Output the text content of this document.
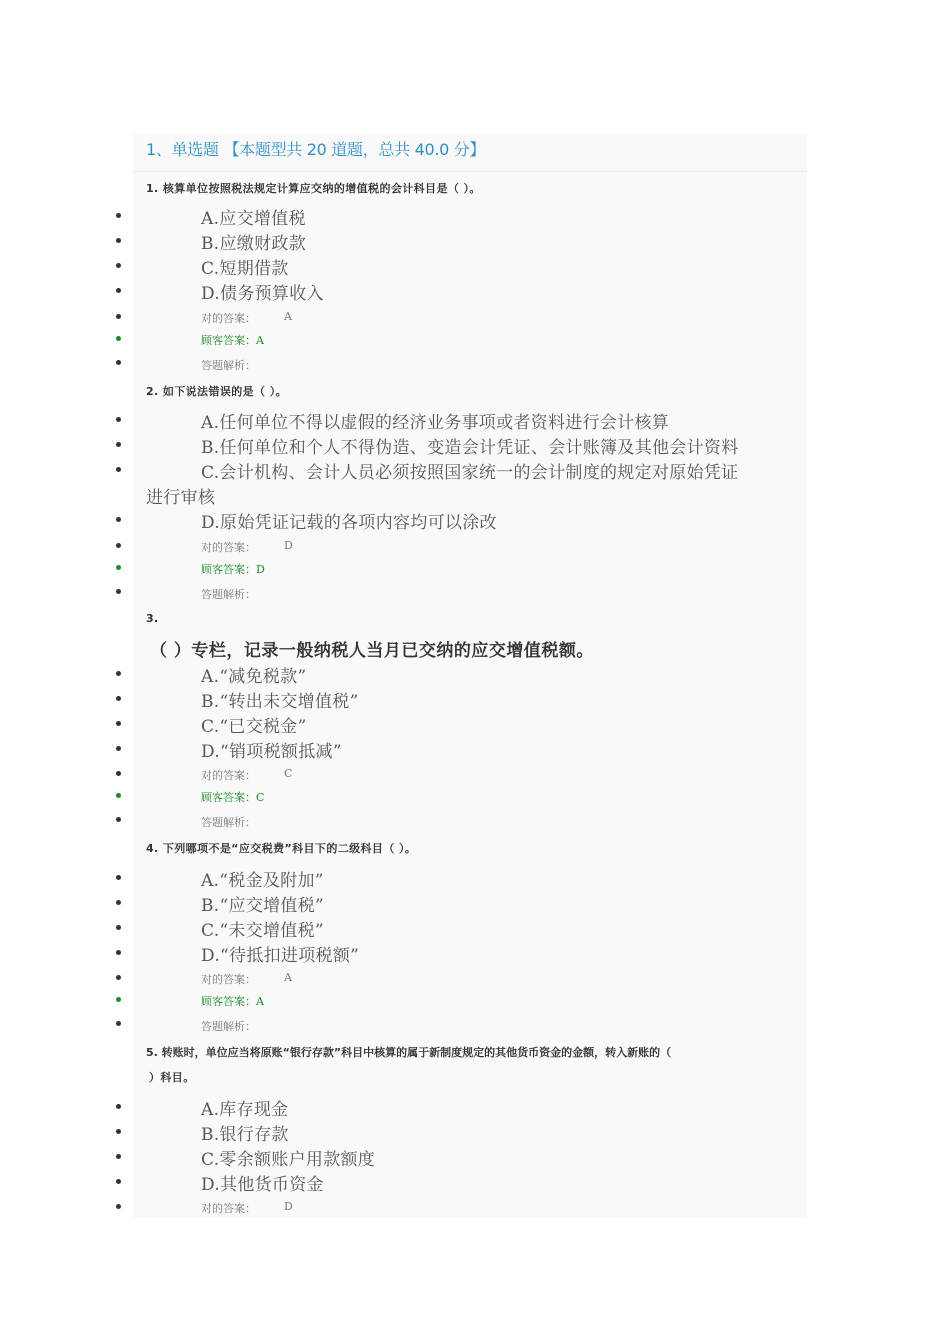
1、单选题 【本题型共 20 道题，总共 40.0 分】
1. 核算单位按照税法规定计算应交纳的增值税的会计科目是（ ）。
A.应交增值税
B.应缴财政款
C.短期借款
D.债务预算收入
对的答案：	A
顾客答案：A
答题解析：
2. 如下说法错误的是（ ）。
A.任何单位不得以虚假的经济业务事项或者资料进行会计核算
B.任何单位和个人不得伪造、变造会计凭证、会计账簿及其他会计资料
C.会计机构、会计人员必须按照国家统一的会计制度的规定对原始凭证
进行审核
D.原始凭证记载的各项内容均可以涂改
对的答案：	D
顾客答案：D
答题解析：
3.
（ ）专栏，记录一般纳税人当月已交纳的应交增值税额。
A.“减免税款”
B.“转出未交增值税”
C.“已交税金”
D.“销项税额抵减”
对的答案：	C
顾客答案：C
答题解析：
4. 下列哪项不是“应交税费”科目下的二级科目（ ）。
A.“税金及附加”
B.“应交增值税”
C.“未交增值税”
D.“待抵扣进项税额”
对的答案：	A
顾客答案：A
答题解析：
5. 转账时，单位应当将原账“银行存款”科目中核算的属于新制度规定的其他货币资金的金额，转入新账的（
）科目。
A.库存现金
B.银行存款
C.零余额账户用款额度
D.其他货币资金
对的答案：	D
